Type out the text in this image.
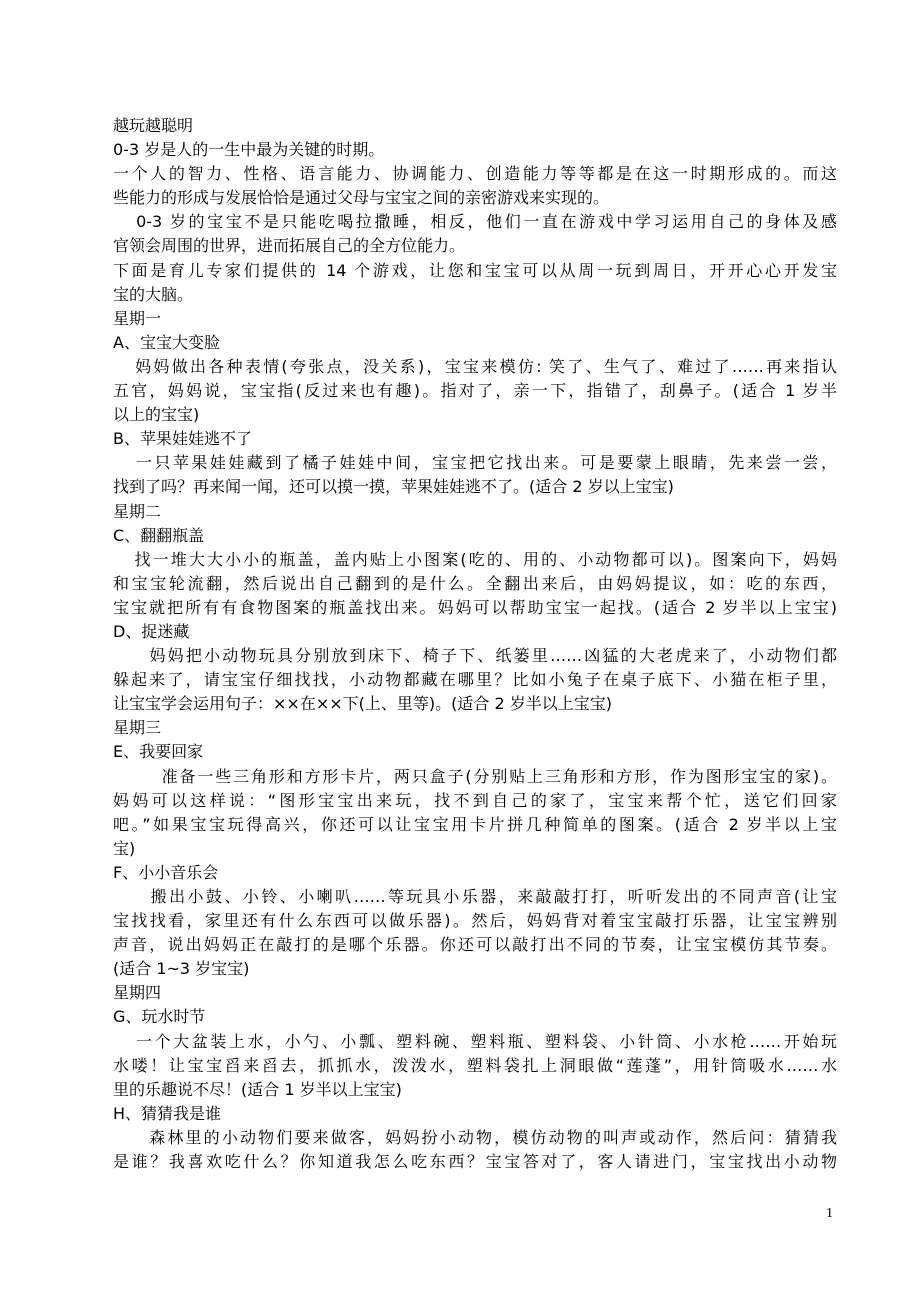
越玩越聪明
0-3 岁是人的一生中最为关键的时期。
一个人的智力、性格、语言能力、协调能力、创造能力等等都是在这一时期形成的。而这
些能力的形成与发展恰恰是通过父母与宝宝之间的亲密游戏来实现的。
0-3 岁的宝宝不是只能吃喝拉撒睡，相反，他们一直在游戏中学习运用自己的身体及感
官领会周围的世界，进而拓展自己的全方位能力。
下面是育儿专家们提供的 14 个游戏，让您和宝宝可以从周一玩到周日，开开心心开发宝
宝的大脑。
星期一
A、宝宝大变脸
妈妈做出各种表情(夸张点，没关系)，宝宝来模仿: 笑了、生气了、难过了……再来指认
五官，妈妈说，宝宝指(反过来也有趣)。指对了，亲一下，指错了，刮鼻子。(适合 1 岁半
以上的宝宝)
B、苹果娃娃逃不了
一只苹果娃娃藏到了橘子娃娃中间，宝宝把它找出来。可是要蒙上眼睛，先来尝一尝，
找到了吗？再来闻一闻，还可以摸一摸，苹果娃娃逃不了。(适合 2 岁以上宝宝)
星期二
C、翻翻瓶盖
找一堆大大小小的瓶盖，盖内贴上小图案(吃的、用的、小动物都可以)。图案向下，妈妈
和宝宝轮流翻，然后说出自己翻到的是什么。全翻出来后，由妈妈提议，如：吃的东西，
宝宝就把所有有食物图案的瓶盖找出来。妈妈可以帮助宝宝一起找。(适合 2 岁半以上宝宝)
D、捉迷藏
妈妈把小动物玩具分别放到床下、椅子下、纸篓里……凶猛的大老虎来了，小动物们都
躲起来了，请宝宝仔细找找，小动物都藏在哪里？比如小兔子在桌子底下、小猫在柜子里，
让宝宝学会运用句子：××在××下(上、里等)。(适合 2 岁半以上宝宝)
星期三
E、我要回家
准备一些三角形和方形卡片，两只盒子(分别贴上三角形和方形，作为图形宝宝的家)。
妈妈可以这样说：“图形宝宝出来玩，找不到自己的家了，宝宝来帮个忙，送它们回家
吧。”如果宝宝玩得高兴，你还可以让宝宝用卡片拼几种简单的图案。(适合 2 岁半以上宝
宝)
F、小小音乐会
搬出小鼓、小铃、小喇叭……等玩具小乐器，来敲敲打打，听听发出的不同声音(让宝
宝找找看，家里还有什么东西可以做乐器)。然后，妈妈背对着宝宝敲打乐器，让宝宝辨别
声音，说出妈妈正在敲打的是哪个乐器。你还可以敲打出不同的节奏，让宝宝模仿其节奏。
(适合 1~3 岁宝宝)
星期四
G、玩水时节
一个大盆装上水，小勺、小瓢、塑料碗、塑料瓶、塑料袋、小针筒、小水枪……开始玩
水喽！让宝宝舀来舀去，抓抓水，泼泼水，塑料袋扎上洞眼做“莲蓬”，用针筒吸水……水
里的乐趣说不尽！(适合 1 岁半以上宝宝)
H、猜猜我是谁
森林里的小动物们要来做客，妈妈扮小动物，模仿动物的叫声或动作，然后问：猜猜我
是谁？我喜欢吃什么？你知道我怎么吃东西？宝宝答对了，客人请进门，宝宝找出小动物
1
